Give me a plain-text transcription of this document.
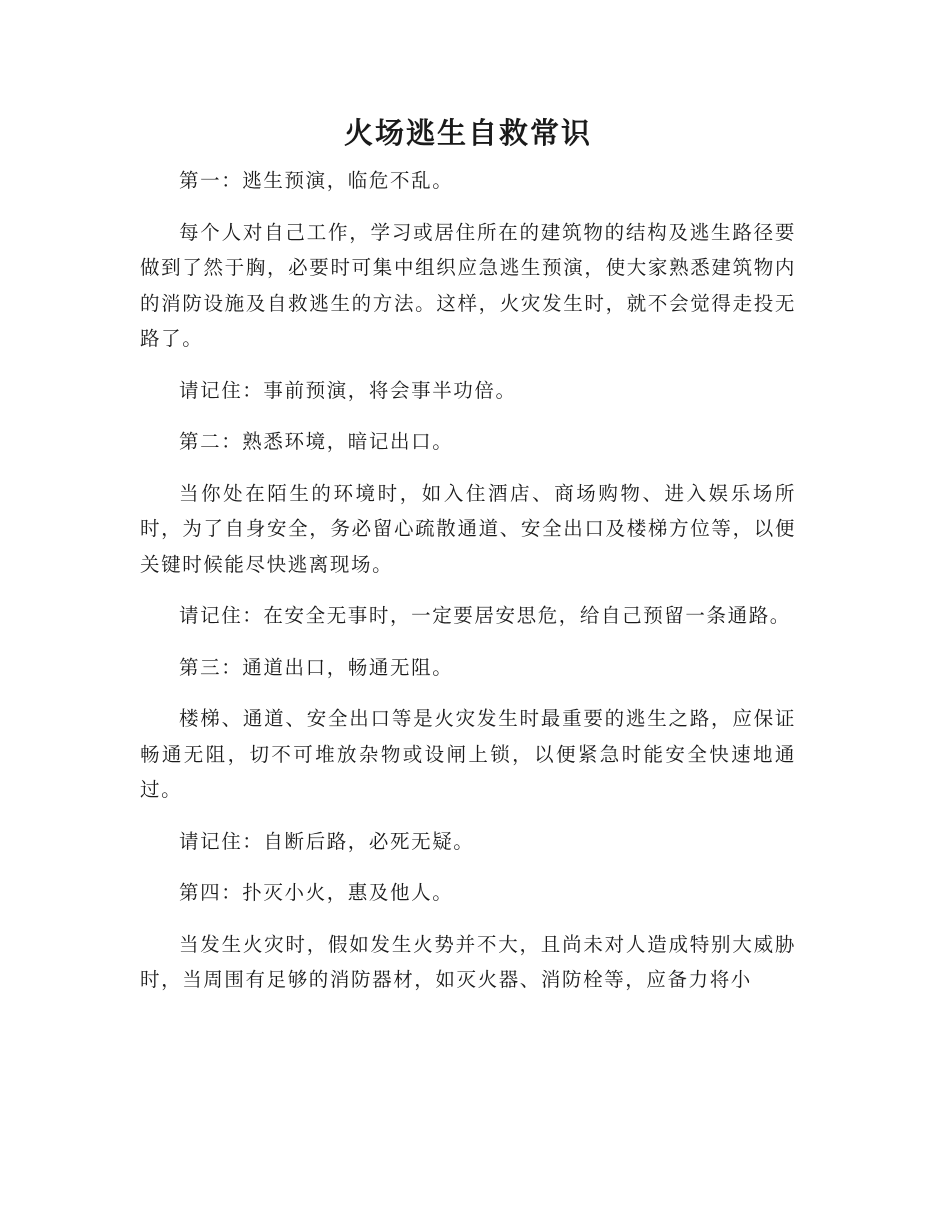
火场逃生自救常识

第一：逃生预演，临危不乱。

每个人对自己工作，学习或居住所在的建筑物的结构及逃生路径要做到了然于胸，必要时可集中组织应急逃生预演，使大家熟悉建筑物内的消防设施及自救逃生的方法。这样，火灾发生时，就不会觉得走投无路了。

请记住：事前预演，将会事半功倍。

第二：熟悉环境，暗记出口。

当你处在陌生的环境时，如入住酒店、商场购物、进入娱乐场所时，为了自身安全，务必留心疏散通道、安全出口及楼梯方位等，以便关键时候能尽快逃离现场。

请记住：在安全无事时，一定要居安思危，给自己预留一条通路。

第三：通道出口，畅通无阻。

楼梯、通道、安全出口等是火灾发生时最重要的逃生之路，应保证畅通无阻，切不可堆放杂物或设闸上锁，以便紧急时能安全快速地通过。

请记住：自断后路，必死无疑。

第四：扑灭小火，惠及他人。

当发生火灾时，假如发生火势并不大，且尚未对人造成特别大威胁时，当周围有足够的消防器材，如灭火器、消防栓等，应备力将小
